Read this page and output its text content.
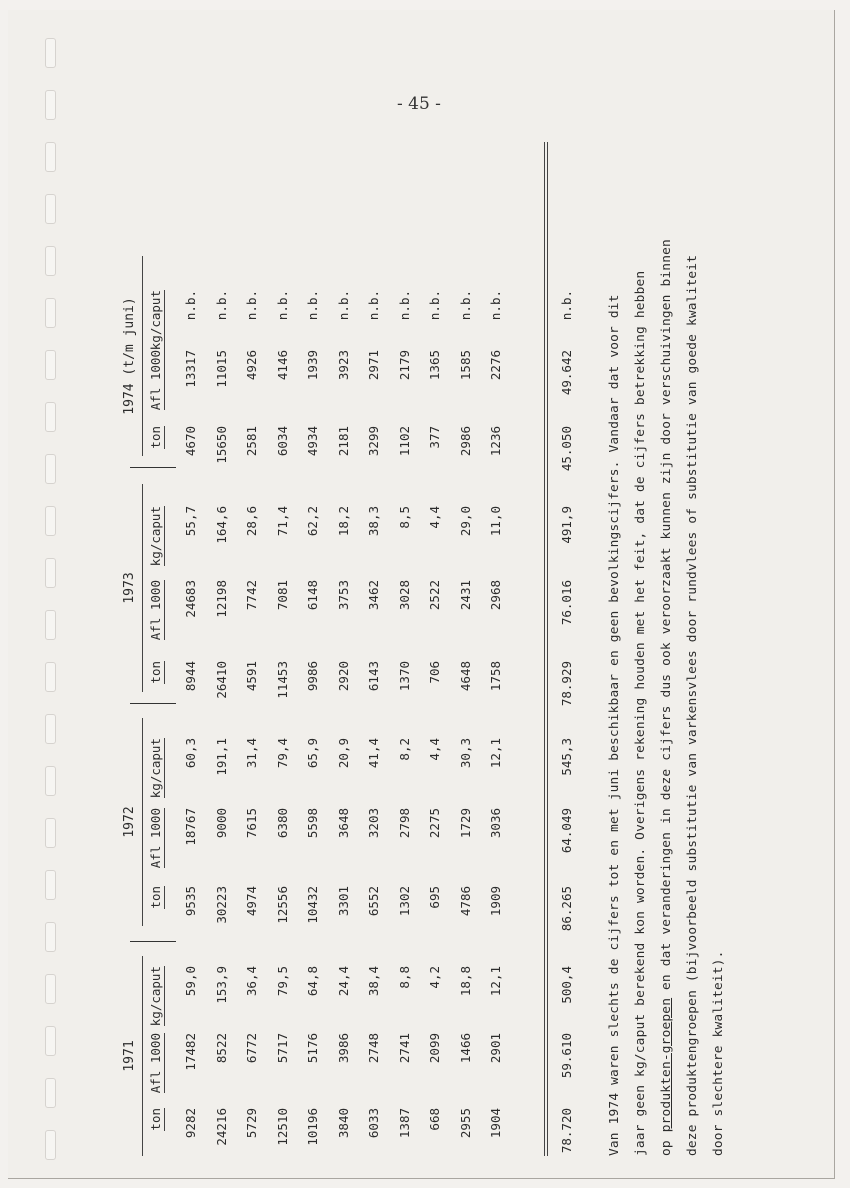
- 45 -
1971
1972
1973
1974 (t/m juni)
ton
Afl 1000
kg/caput
ton
Afl 1000
kg/caput
ton
Afl 1000
kg/caput
ton
Afl 1000
kg/caput
9282
17482
59,0
9535
18767
60,3
8944
24683
55,7
4670
13317
n.b.
24216
8522
153,9
30223
9000
191,1
26410
12198
164,6
15650
11015
n.b.
5729
6772
36,4
4974
7615
31,4
4591
7742
28,6
2581
4926
n.b.
12510
5717
79,5
12556
6380
79,4
11453
7081
71,4
6034
4146
n.b.
10196
5176
64,8
10432
5598
65,9
9986
6148
62,2
4934
1939
n.b.
3840
3986
24,4
3301
3648
20,9
2920
3753
18,2
2181
3923
n.b.
6033
2748
38,4
6552
3203
41,4
6143
3462
38,3
3299
2971
n.b.
1387
2741
8,8
1302
2798
8,2
1370
3028
8,5
1102
2179
n.b.
668
2099
4,2
695
2275
4,4
706
2522
4,4
377
1365
n.b.
2955
1466
18,8
4786
1729
30,3
4648
2431
29,0
2986
1585
n.b.
1904
2901
12,1
1909
3036
12,1
1758
2968
11,0
1236
2276
n.b.
78.720
59.610
500,4
86.265
64.049
545,3
78.929
76.016
491,9
45.050
49.642
n.b.	Van 1974 waren slechts de cijfers tot en met juni beschikbaar en geen bevolkingscijfers. Vandaar dat voor dit jaar geen kg/caput berekend kon worden. Overigens rekening houden met het feit, dat de cijfers betrekking hebben op produkten-groepen en dat veranderingen in deze cijfers dus ook veroorzaakt kunnen zijn door verschuivingen binnen deze produktengroepen (bijvoorbeeld substitutie van varkensvlees door rundvlees of substitutie van goede kwaliteit door slechtere kwaliteit).
